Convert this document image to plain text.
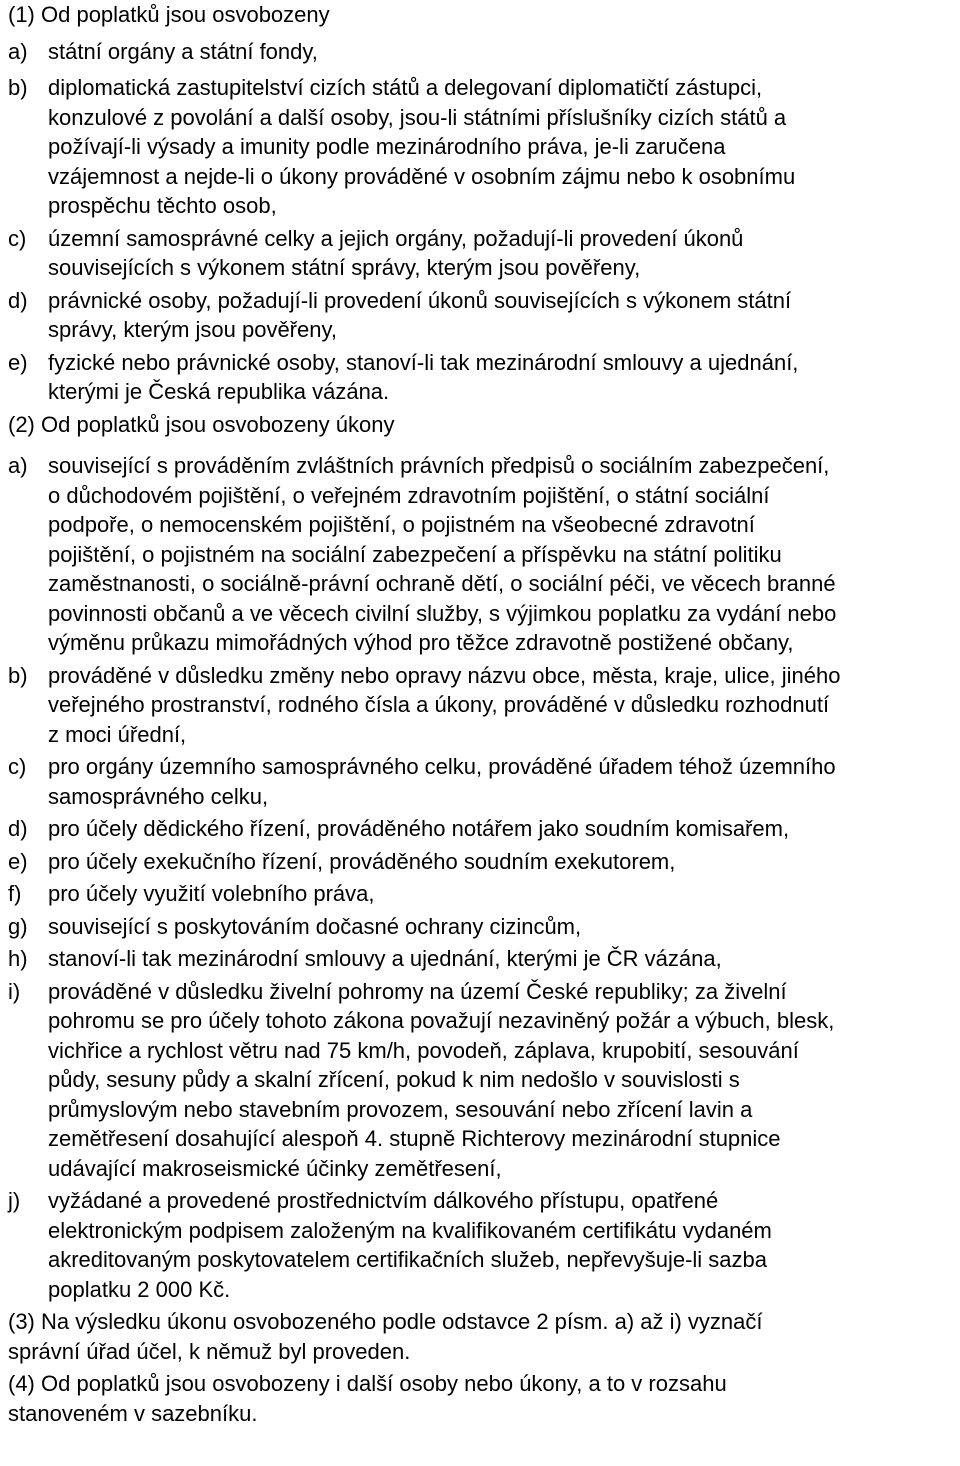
(1) Od poplatků jsou osvobozeny
a) státní orgány a státní fondy,
b) diplomatická zastupitelství cizích států a delegovaní diplomatičtí zástupci,
konzulové z povolání a další osoby, jsou-li státními příslušníky cizích států a
požívají-li výsady a imunity podle mezinárodního práva, je-li zaručena
vzájemnost a nejde-li o úkony prováděné v osobním zájmu nebo k osobnímu
prospěchu těchto osob,
c) územní samosprávné celky a jejich orgány, požadují-li provedení úkonů
souvisejících s výkonem státní správy, kterým jsou pověřeny,
d) právnické osoby, požadují-li provedení úkonů souvisejících s výkonem státní
správy, kterým jsou pověřeny,
e) fyzické nebo právnické osoby, stanoví-li tak mezinárodní smlouvy a ujednání,
kterými je Česká republika vázána.
(2) Od poplatků jsou osvobozeny úkony
a) související s prováděním zvláštních právních předpisů o sociálním zabezpečení,
o důchodovém pojištění, o veřejném zdravotním pojištění, o státní sociální
podpoře, o nemocenském pojištění, o pojistném na všeobecné zdravotní
pojištění, o pojistném na sociální zabezpečení a příspěvku na státní politiku
zaměstnanosti, o sociálně-právní ochraně dětí, o sociální péči, ve věcech branné
povinnosti občanů a ve věcech civilní služby, s výjimkou poplatku za vydání nebo
výměnu průkazu mimořádných výhod pro těžce zdravotně postižené občany,
b) prováděné v důsledku změny nebo opravy názvu obce, města, kraje, ulice, jiného
veřejného prostranství, rodného čísla a úkony, prováděné v důsledku rozhodnutí
z moci úřední,
c) pro orgány územního samosprávného celku, prováděné úřadem téhož územního
samosprávného celku,
d) pro účely dědického řízení, prováděného notářem jako soudním komisařem,
e) pro účely exekučního řízení, prováděného soudním exekutorem,
f)	pro účely využití volebního práva,
g) související s poskytováním dočasné ochrany cizincům,
h) stanoví-li tak mezinárodní smlouvy a ujednání, kterými je ČR vázána,
i)	prováděné v důsledku živelní pohromy na území České republiky; za živelní
pohromu se pro účely tohoto zákona považují nezaviněný požár a výbuch, blesk,
vichřice a rychlost větru nad 75 km/h, povodeň, záplava, krupobití, sesouvání
půdy, sesuny půdy a skalní zřícení, pokud k nim nedošlo v souvislosti s
průmyslovým nebo stavebním provozem, sesouvání nebo zřícení lavin a
zemětřesení dosahující alespoň 4. stupně Richterovy mezinárodní stupnice
udávající makroseismické účinky zemětřesení,
j)	vyžádané a provedené prostřednictvím dálkového přístupu, opatřené
elektronickým podpisem založeným na kvalifikovaném certifikátu vydaném
akreditovaným poskytovatelem certifikačních služeb, nepřevyšuje-li sazba
poplatku 2 000 Kč.
(3) Na výsledku úkonu osvobozeného podle odstavce 2 písm. a) až i) vyznačí
správní úřad účel, k němuž byl proveden.
(4) Od poplatků jsou osvobozeny i další osoby nebo úkony, a to v rozsahu
stanoveném v sazebníku.
